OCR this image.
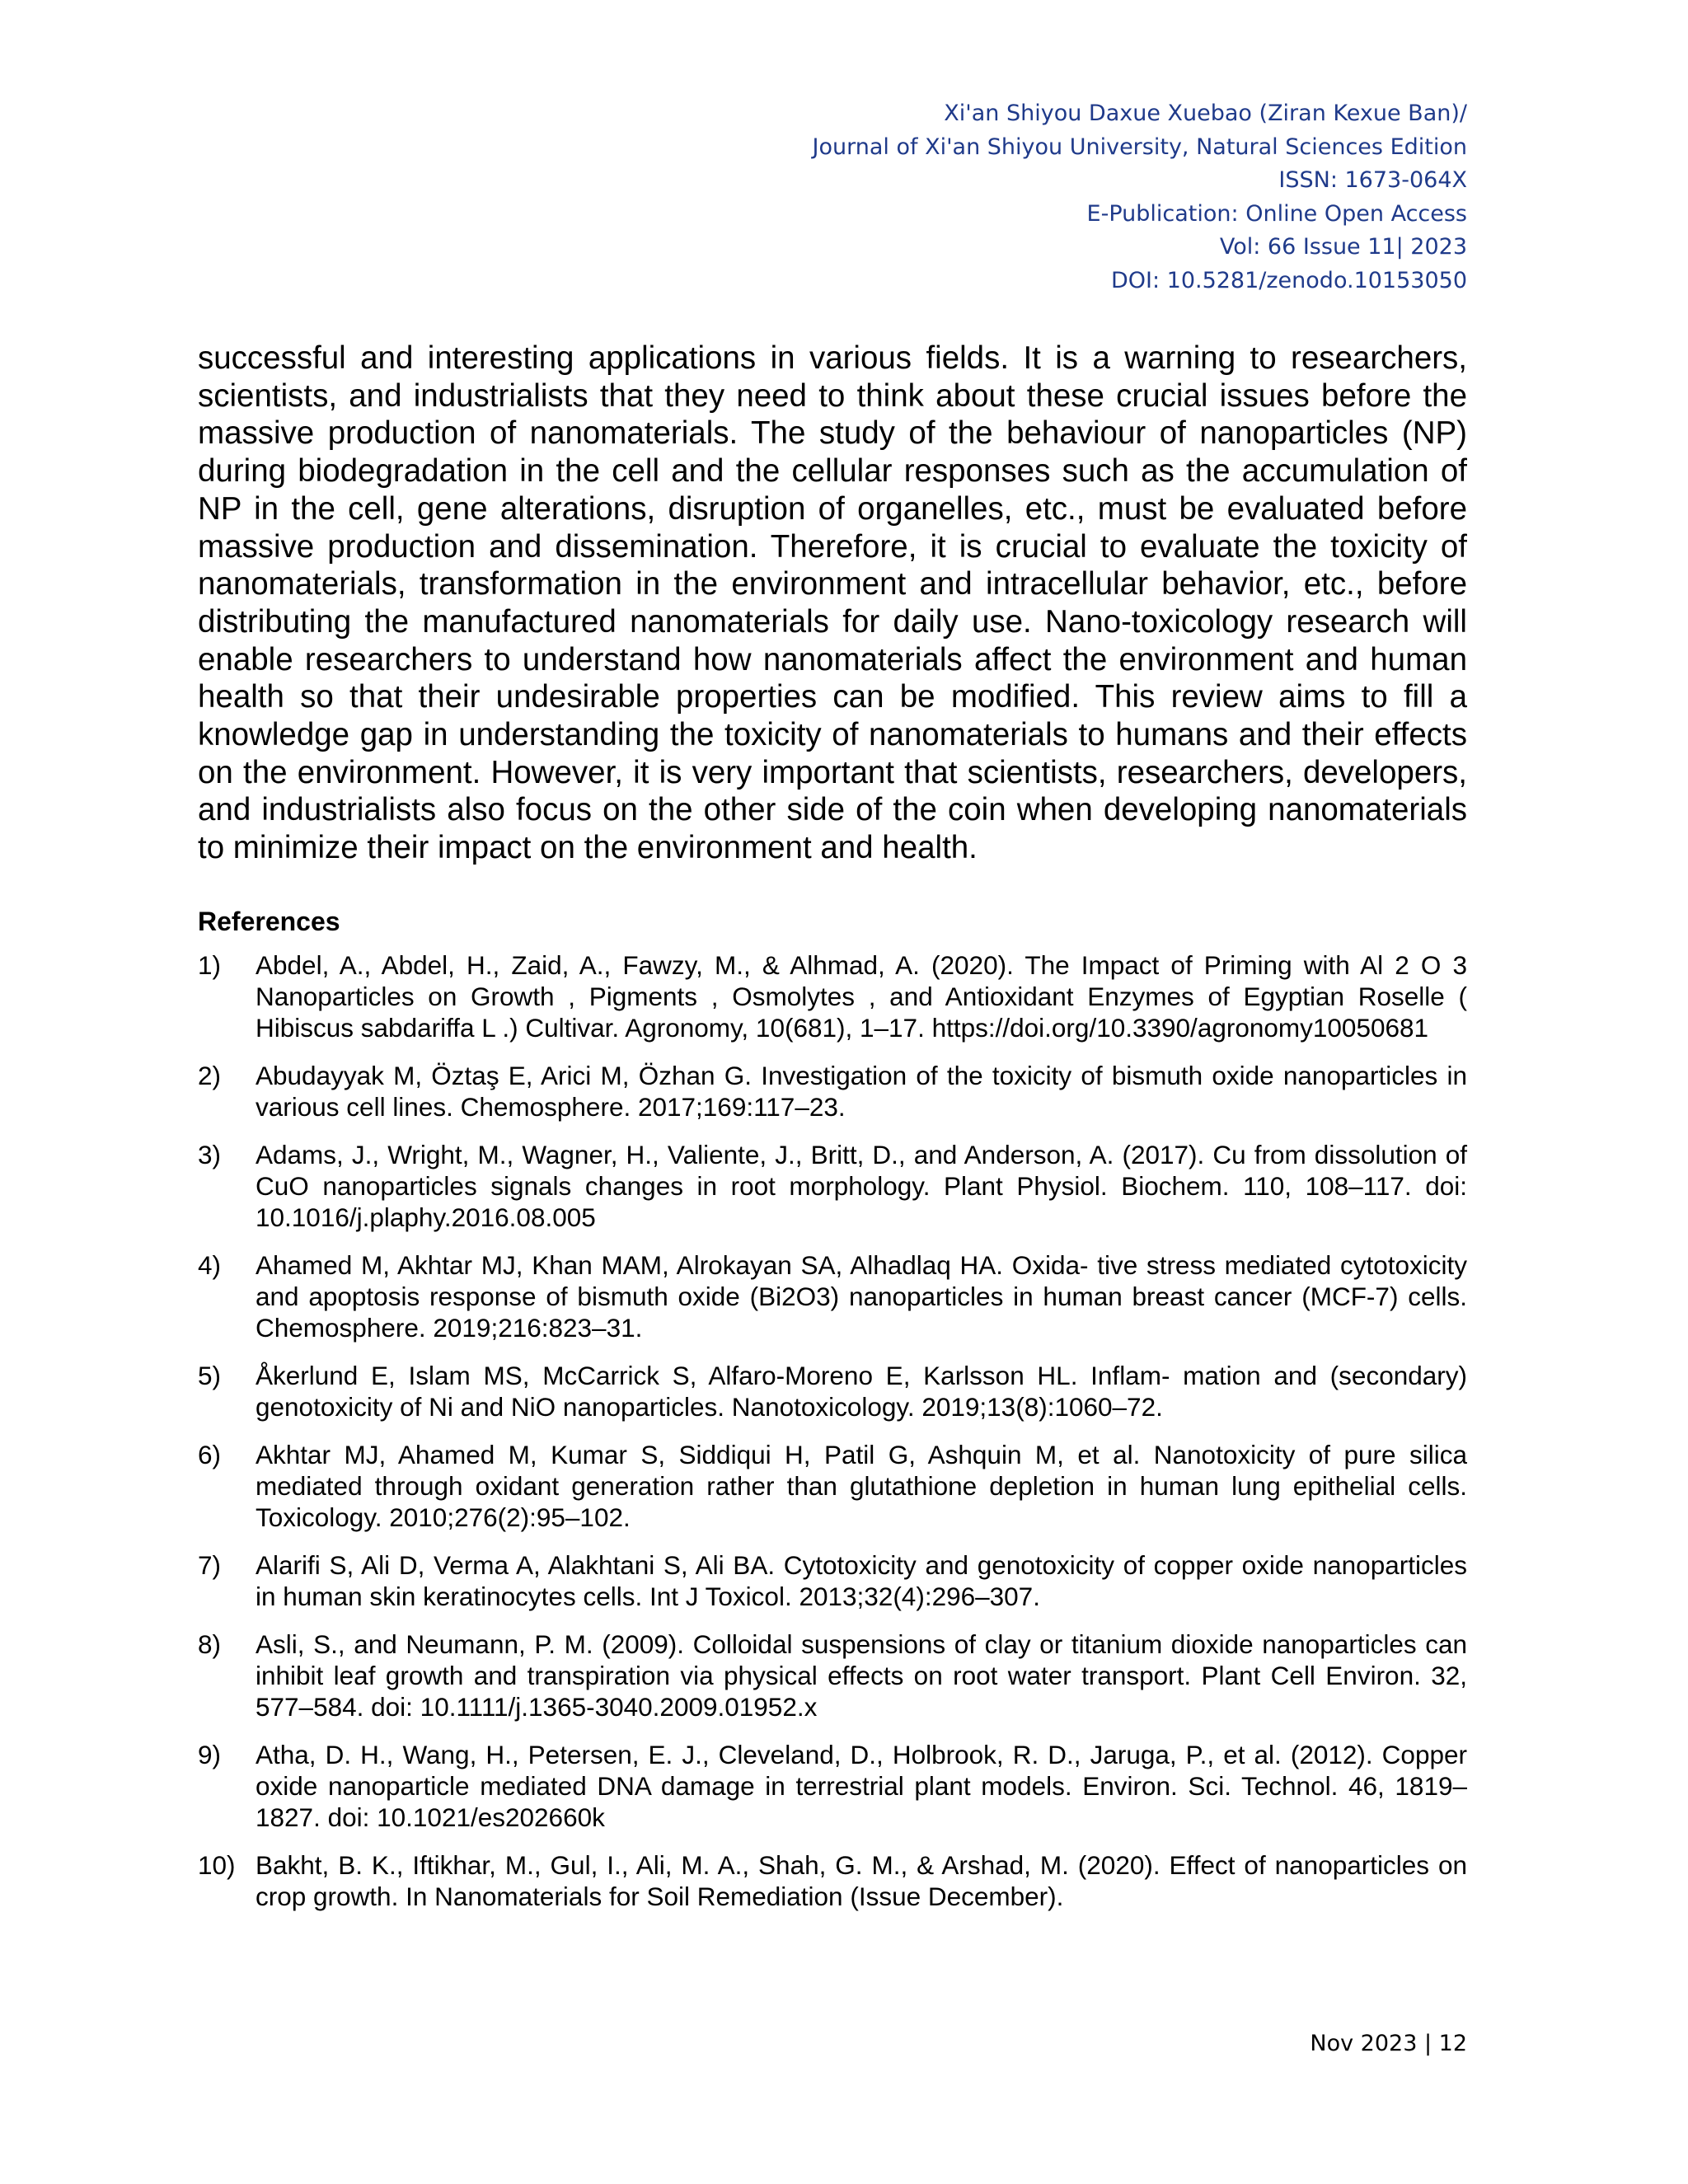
Xi'an Shiyou Daxue Xuebao (Ziran Kexue Ban)/
Journal of Xi'an Shiyou University, Natural Sciences Edition
ISSN: 1673-064X
E-Publication: Online Open Access
Vol: 66 Issue 11| 2023
DOI: 10.5281/zenodo.10153050

successful and interesting applications in various fields. It is a warning to researchers, scientists, and industrialists that they need to think about these crucial issues before the massive production of nanomaterials. The study of the behaviour of nanoparticles (NP) during biodegradation in the cell and the cellular responses such as the accumulation of NP in the cell, gene alterations, disruption of organelles, etc., must be evaluated before massive production and dissemination. Therefore, it is crucial to evaluate the toxicity of nanomaterials, transformation in the environment and intracellular behavior, etc., before distributing the manufactured nanomaterials for daily use. Nano-toxicology research will enable researchers to understand how nanomaterials affect the environment and human health so that their undesirable properties can be modified. This review aims to fill a knowledge gap in understanding the toxicity of nanomaterials to humans and their effects on the environment. However, it is very important that scientists, researchers, developers, and industrialists also focus on the other side of the coin when developing nanomaterials to minimize their impact on the environment and health.

References
1) Abdel, A., Abdel, H., Zaid, A., Fawzy, M., & Alhmad, A. (2020). The Impact of Priming with Al 2 O 3 Nanoparticles on Growth , Pigments , Osmolytes , and Antioxidant Enzymes of Egyptian Roselle ( Hibiscus sabdariffa L .) Cultivar. Agronomy, 10(681), 1–17. https://doi.org/10.3390/agronomy10050681
2) Abudayyak M, Öztaş E, Arici M, Özhan G. Investigation of the toxicity of bismuth oxide nanoparticles in various cell lines. Chemosphere. 2017;169:117–23.
3) Adams, J., Wright, M., Wagner, H., Valiente, J., Britt, D., and Anderson, A. (2017). Cu from dissolution of CuO nanoparticles signals changes in root morphology. Plant Physiol. Biochem. 110, 108–117. doi: 10.1016/j.plaphy.2016.08.005
4) Ahamed M, Akhtar MJ, Khan MAM, Alrokayan SA, Alhadlaq HA. Oxida- tive stress mediated cytotoxicity and apoptosis response of bismuth oxide (Bi2O3) nanoparticles in human breast cancer (MCF-7) cells. Chemosphere. 2019;216:823–31.
5) Åkerlund E, Islam MS, McCarrick S, Alfaro-Moreno E, Karlsson HL. Inflam- mation and (secondary) genotoxicity of Ni and NiO nanoparticles. Nanotoxicology. 2019;13(8):1060–72.
6) Akhtar MJ, Ahamed M, Kumar S, Siddiqui H, Patil G, Ashquin M, et al. Nanotoxicity of pure silica mediated through oxidant generation rather than glutathione depletion in human lung epithelial cells. Toxicology. 2010;276(2):95–102.
7) Alarifi S, Ali D, Verma A, Alakhtani S, Ali BA. Cytotoxicity and genotoxicity of copper oxide nanoparticles in human skin keratinocytes cells. Int J Toxicol. 2013;32(4):296–307.
8) Asli, S., and Neumann, P. M. (2009). Colloidal suspensions of clay or titanium dioxide nanoparticles can inhibit leaf growth and transpiration via physical effects on root water transport. Plant Cell Environ. 32, 577–584. doi: 10.1111/j.1365-3040.2009.01952.x
9) Atha, D. H., Wang, H., Petersen, E. J., Cleveland, D., Holbrook, R. D., Jaruga, P., et al. (2012). Copper oxide nanoparticle mediated DNA damage in terrestrial plant models. Environ. Sci. Technol. 46, 1819–1827. doi: 10.1021/es202660k
10) Bakht, B. K., Iftikhar, M., Gul, I., Ali, M. A., Shah, G. M., & Arshad, M. (2020). Effect of nanoparticles on crop growth. In Nanomaterials for Soil Remediation (Issue December).
Nov 2023 | 12
